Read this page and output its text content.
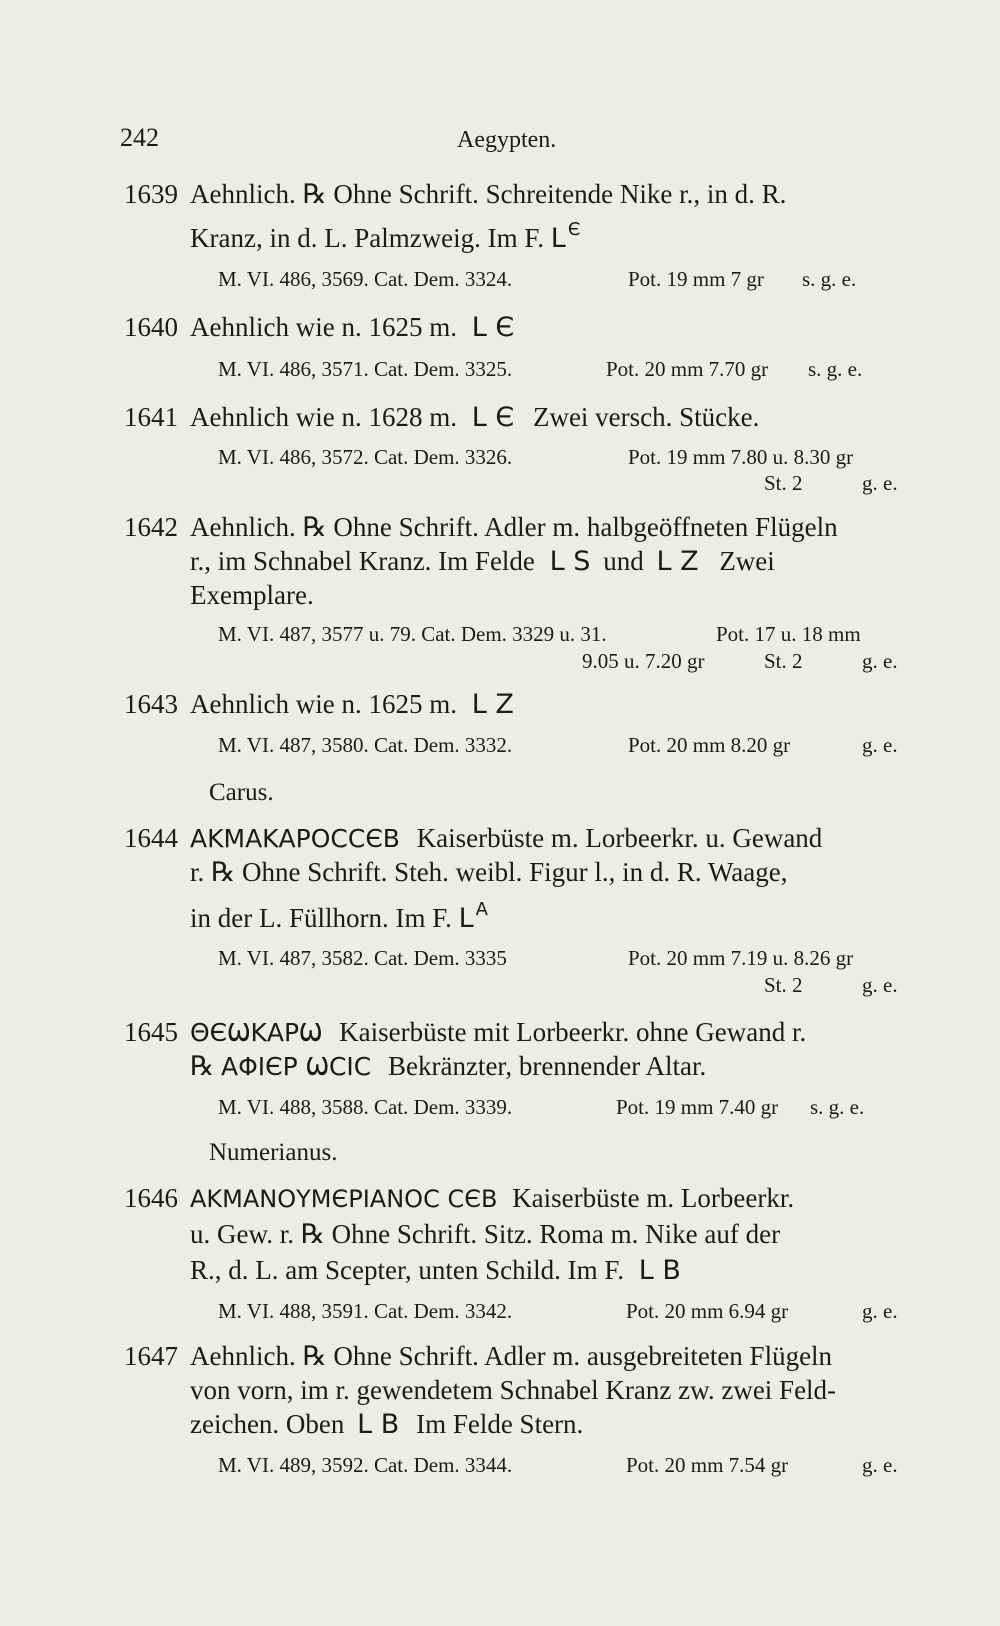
242	Aegypten.
1639 Aehnlich. ℞ Ohne Schrift. Schreitende Nike r., in d. R.
Kranz, in d. L. Palmzweig. Im F. L $^Є$
M. VI. 486, 3569. Cat. Dem. 3324.	Pot. 19 mm 7 gr s. g. e.
1640 Aehnlich wie n. 1625 m. L Є
M. VI. 486, 3571. Cat. Dem. 3325.	Pot. 20 mm 7.70 gr s. g. e.
1641 Aehnlich wie n. 1628 m. L Є Zwei versch. Stücke.
M. VI. 486, 3572. Cat. Dem. 3326.	Pot. 19 mm 7.80 u. 8.30 gr
St. 2	g. e.
1642 Aehnlich. ℞ Ohne Schrift. Adler m. halbgeöffneten Flügeln
r., im Schnabel Kranz. Im Felde L S und L Z Zwei
Exemplare.
M. VI. 487, 3577 u. 79. Cat. Dem. 3329 u. 31.	Pot. 17 u. 18 mm
9.05 u. 7.20 gr	St. 2	g. e.
1643 Aehnlich wie n. 1625 m. L Z
M. VI. 487, 3580. Cat. Dem. 3332.	Pot. 20 mm 8.20 gr	g. e.
Carus.
1644 ΑΚΜΑΚΑΡΟϹϹЄΒ Kaiserbüste m. Lorbeerkr. u. Gewand
r. ℞ Ohne Schrift. Steh. weibl. Figur l., in d. R. Waage,
in der L. Füllhorn. Im F. L $^A$
M. VI. 487, 3582. Cat. Dem. 3335	Pot. 20 mm 7.19 u. 8.26 gr
St. 2	g. e.
1645 ΘЄѠΚΑΡѠ Kaiserbüste mit Lorbeerkr. ohne Gewand r.
℞ ΑΦΙЄΡ ѠϹΙϹ Bekränzter, brennender Altar.
M. VI. 488, 3588. Cat. Dem. 3339.	Pot. 19 mm 7.40 gr s. g. e.
Numerianus.
1646 ΑΚΜΑΝΟΥΜЄΡΙΑΝΟϹ ϹЄΒ Kaiserbüste m. Lorbeerkr.
u. Gew. r. ℞ Ohne Schrift. Sitz. Roma m. Nike auf der
R., d. L. am Scepter, unten Schild. Im F. L B
M. VI. 488, 3591. Cat. Dem. 3342.	Pot. 20 mm 6.94 gr	g. e.
1647 Aehnlich. ℞ Ohne Schrift. Adler m. ausgebreiteten Flügeln
von vorn, im r. gewendetem Schnabel Kranz zw. zwei Feld-
zeichen. Oben L B Im Felde Stern.
M. VI. 489, 3592. Cat. Dem. 3344.	Pot. 20 mm 7.54 gr	g. e.
